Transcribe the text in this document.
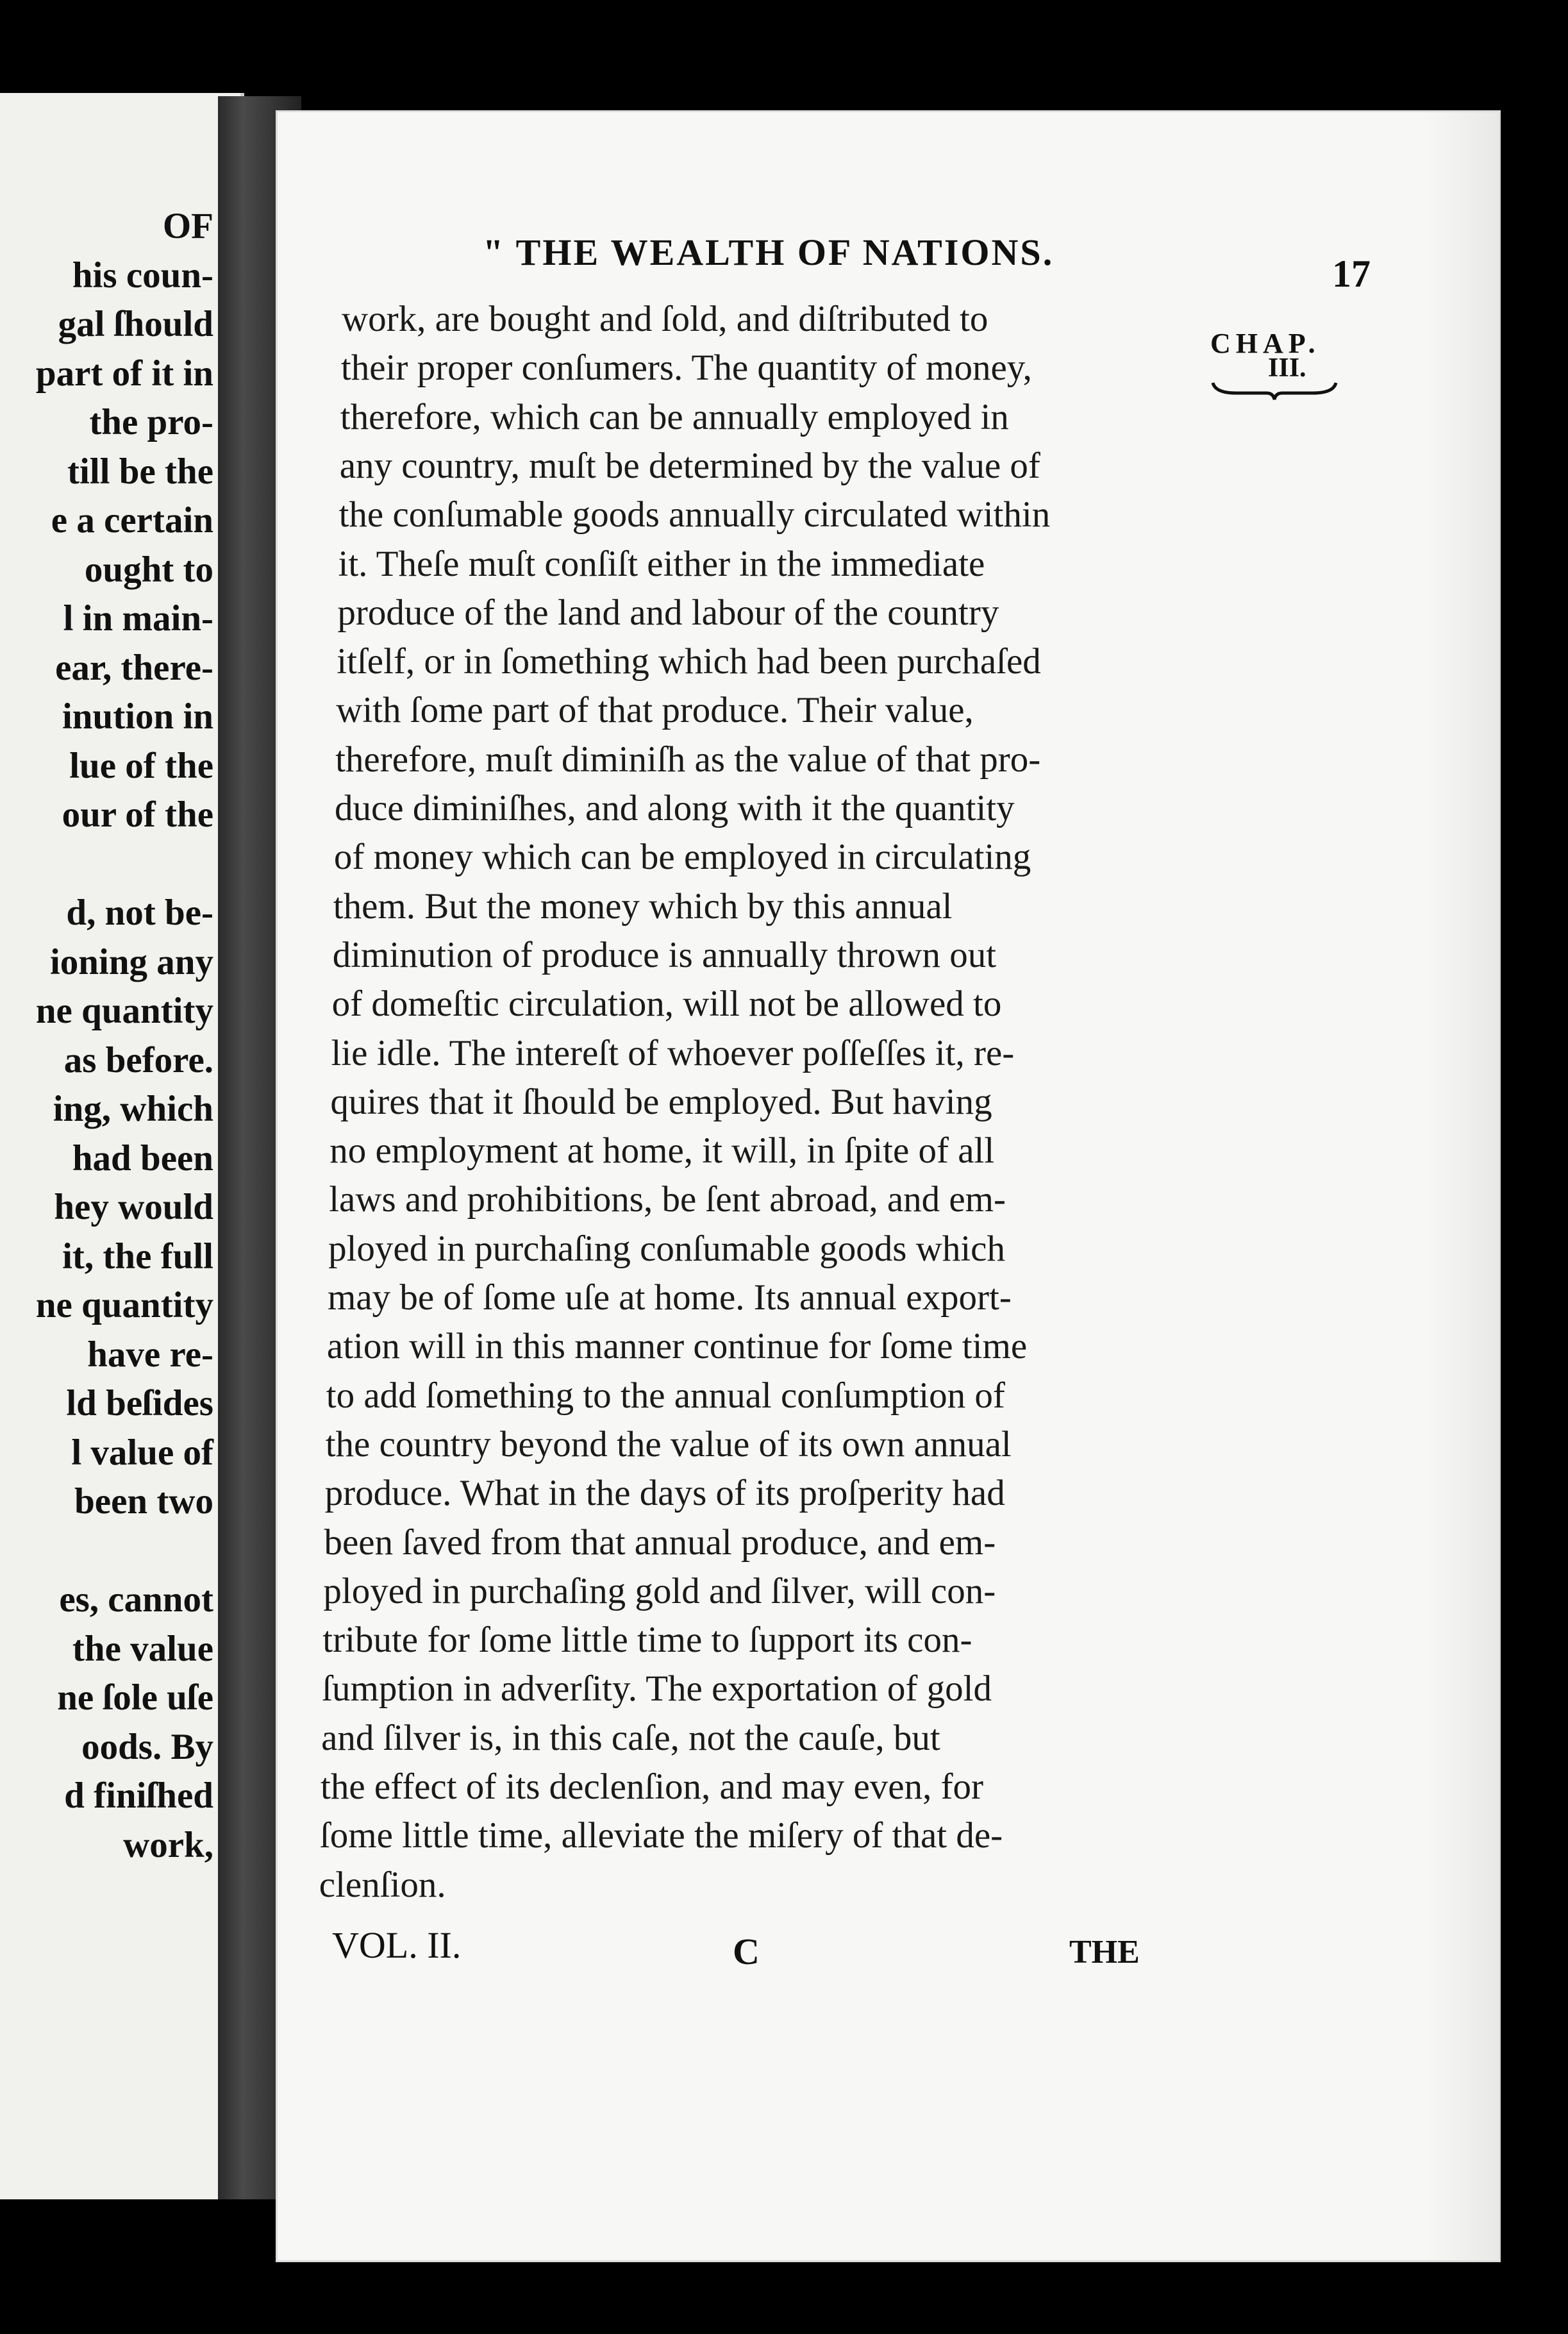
OF
his coun-
gal ſhould
part of it in
the pro-
till be the
e a certain
ought to
l in main-
ear, there-
inution in
lue of the
our of the
d, not be-
ioning any
ne quantity
as before.
ing, which
had been
hey would
it, the full
ne quantity
have re-
ld beſides
l value of
been two
es, cannot
the value
ne ſole uſe
oods. By
d finiſhed
work,
" THE WEALTH OF NATIONS.
17
CHAP.
III.
work, are bought and ſold, and diſtributed to
their proper conſumers. The quantity of money,
therefore, which can be annually employed in
any country, muſt be determined by the value of
the conſumable goods annually circulated within
it. Theſe muſt conſiſt either in the immediate
produce of the land and labour of the country
itſelf, or in ſomething which had been purchaſed
with ſome part of that produce. Their value,
therefore, muſt diminiſh as the value of that pro-
duce diminiſhes, and along with it the quantity
of money which can be employed in circulating
them. But the money which by this annual
diminution of produce is annually thrown out
of domeſtic circulation, will not be allowed to
lie idle. The intereſt of whoever poſſeſſes it, re-
quires that it ſhould be employed. But having
no employment at home, it will, in ſpite of all
laws and prohibitions, be ſent abroad, and em-
ployed in purchaſing conſumable goods which
may be of ſome uſe at home. Its annual export-
ation will in this manner continue for ſome time
to add ſomething to the annual conſumption of
the country beyond the value of its own annual
produce. What in the days of its proſperity had
been ſaved from that annual produce, and em-
ployed in purchaſing gold and ſilver, will con-
tribute for ſome little time to ſupport its con-
ſumption in adverſity. The exportation of gold
and ſilver is, in this caſe, not the cauſe, but
the effect of its declenſion, and may even, for
ſome little time, alleviate the miſery of that de-
clenſion.
VOL. II.	C	THE
